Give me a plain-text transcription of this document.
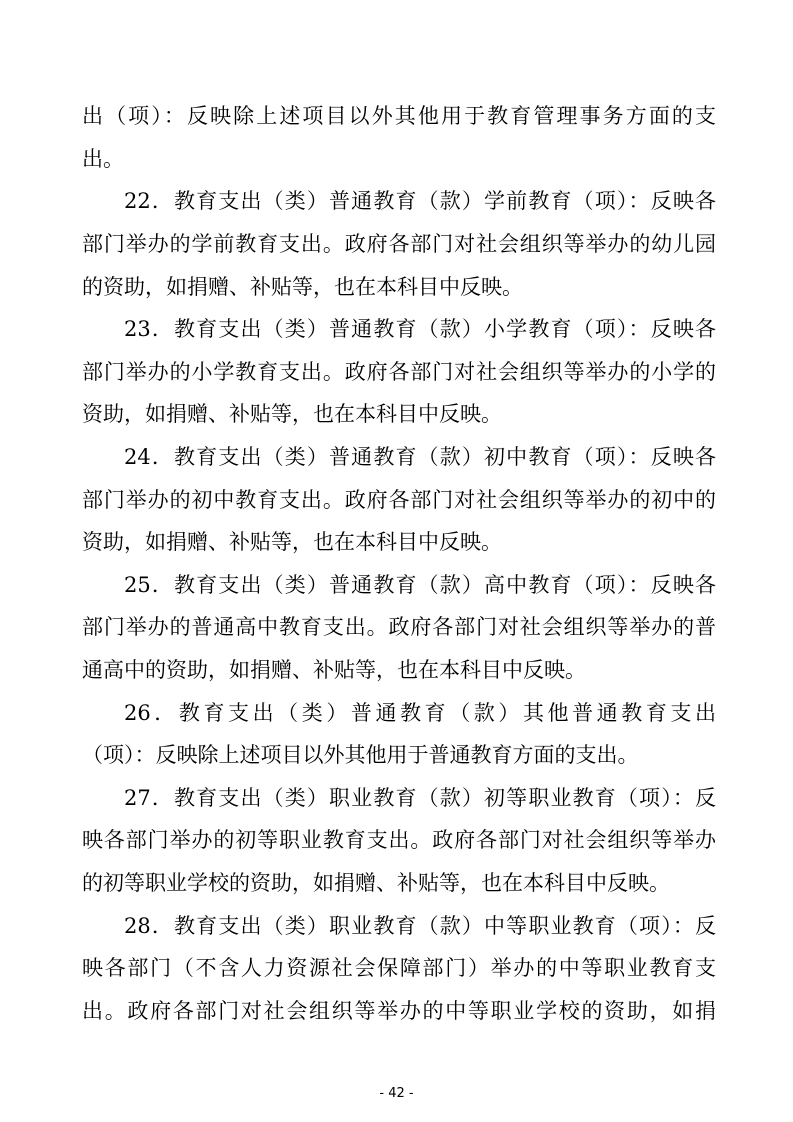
出（项）：反映除上述项目以外其他用于教育管理事务方面的支
出。
22．教育支出（类）普通教育（款）学前教育（项）：反映各
部门举办的学前教育支出。政府各部门对社会组织等举办的幼儿园
的资助，如捐赠、补贴等，也在本科目中反映。
23．教育支出（类）普通教育（款）小学教育（项）：反映各
部门举办的小学教育支出。政府各部门对社会组织等举办的小学的
资助，如捐赠、补贴等，也在本科目中反映。
24．教育支出（类）普通教育（款）初中教育（项）：反映各
部门举办的初中教育支出。政府各部门对社会组织等举办的初中的
资助，如捐赠、补贴等，也在本科目中反映。
25．教育支出（类）普通教育（款）高中教育（项）：反映各
部门举办的普通高中教育支出。政府各部门对社会组织等举办的普
通高中的资助，如捐赠、补贴等，也在本科目中反映。
26．教育支出（类）普通教育（款）其他普通教育支出
（项）：反映除上述项目以外其他用于普通教育方面的支出。
27．教育支出（类）职业教育（款）初等职业教育（项）：反
映各部门举办的初等职业教育支出。政府各部门对社会组织等举办
的初等职业学校的资助，如捐赠、补贴等，也在本科目中反映。
28．教育支出（类）职业教育（款）中等职业教育（项）：反
映各部门（不含人力资源社会保障部门）举办的中等职业教育支
出。政府各部门对社会组织等举办的中等职业学校的资助，如捐
- 42 -
